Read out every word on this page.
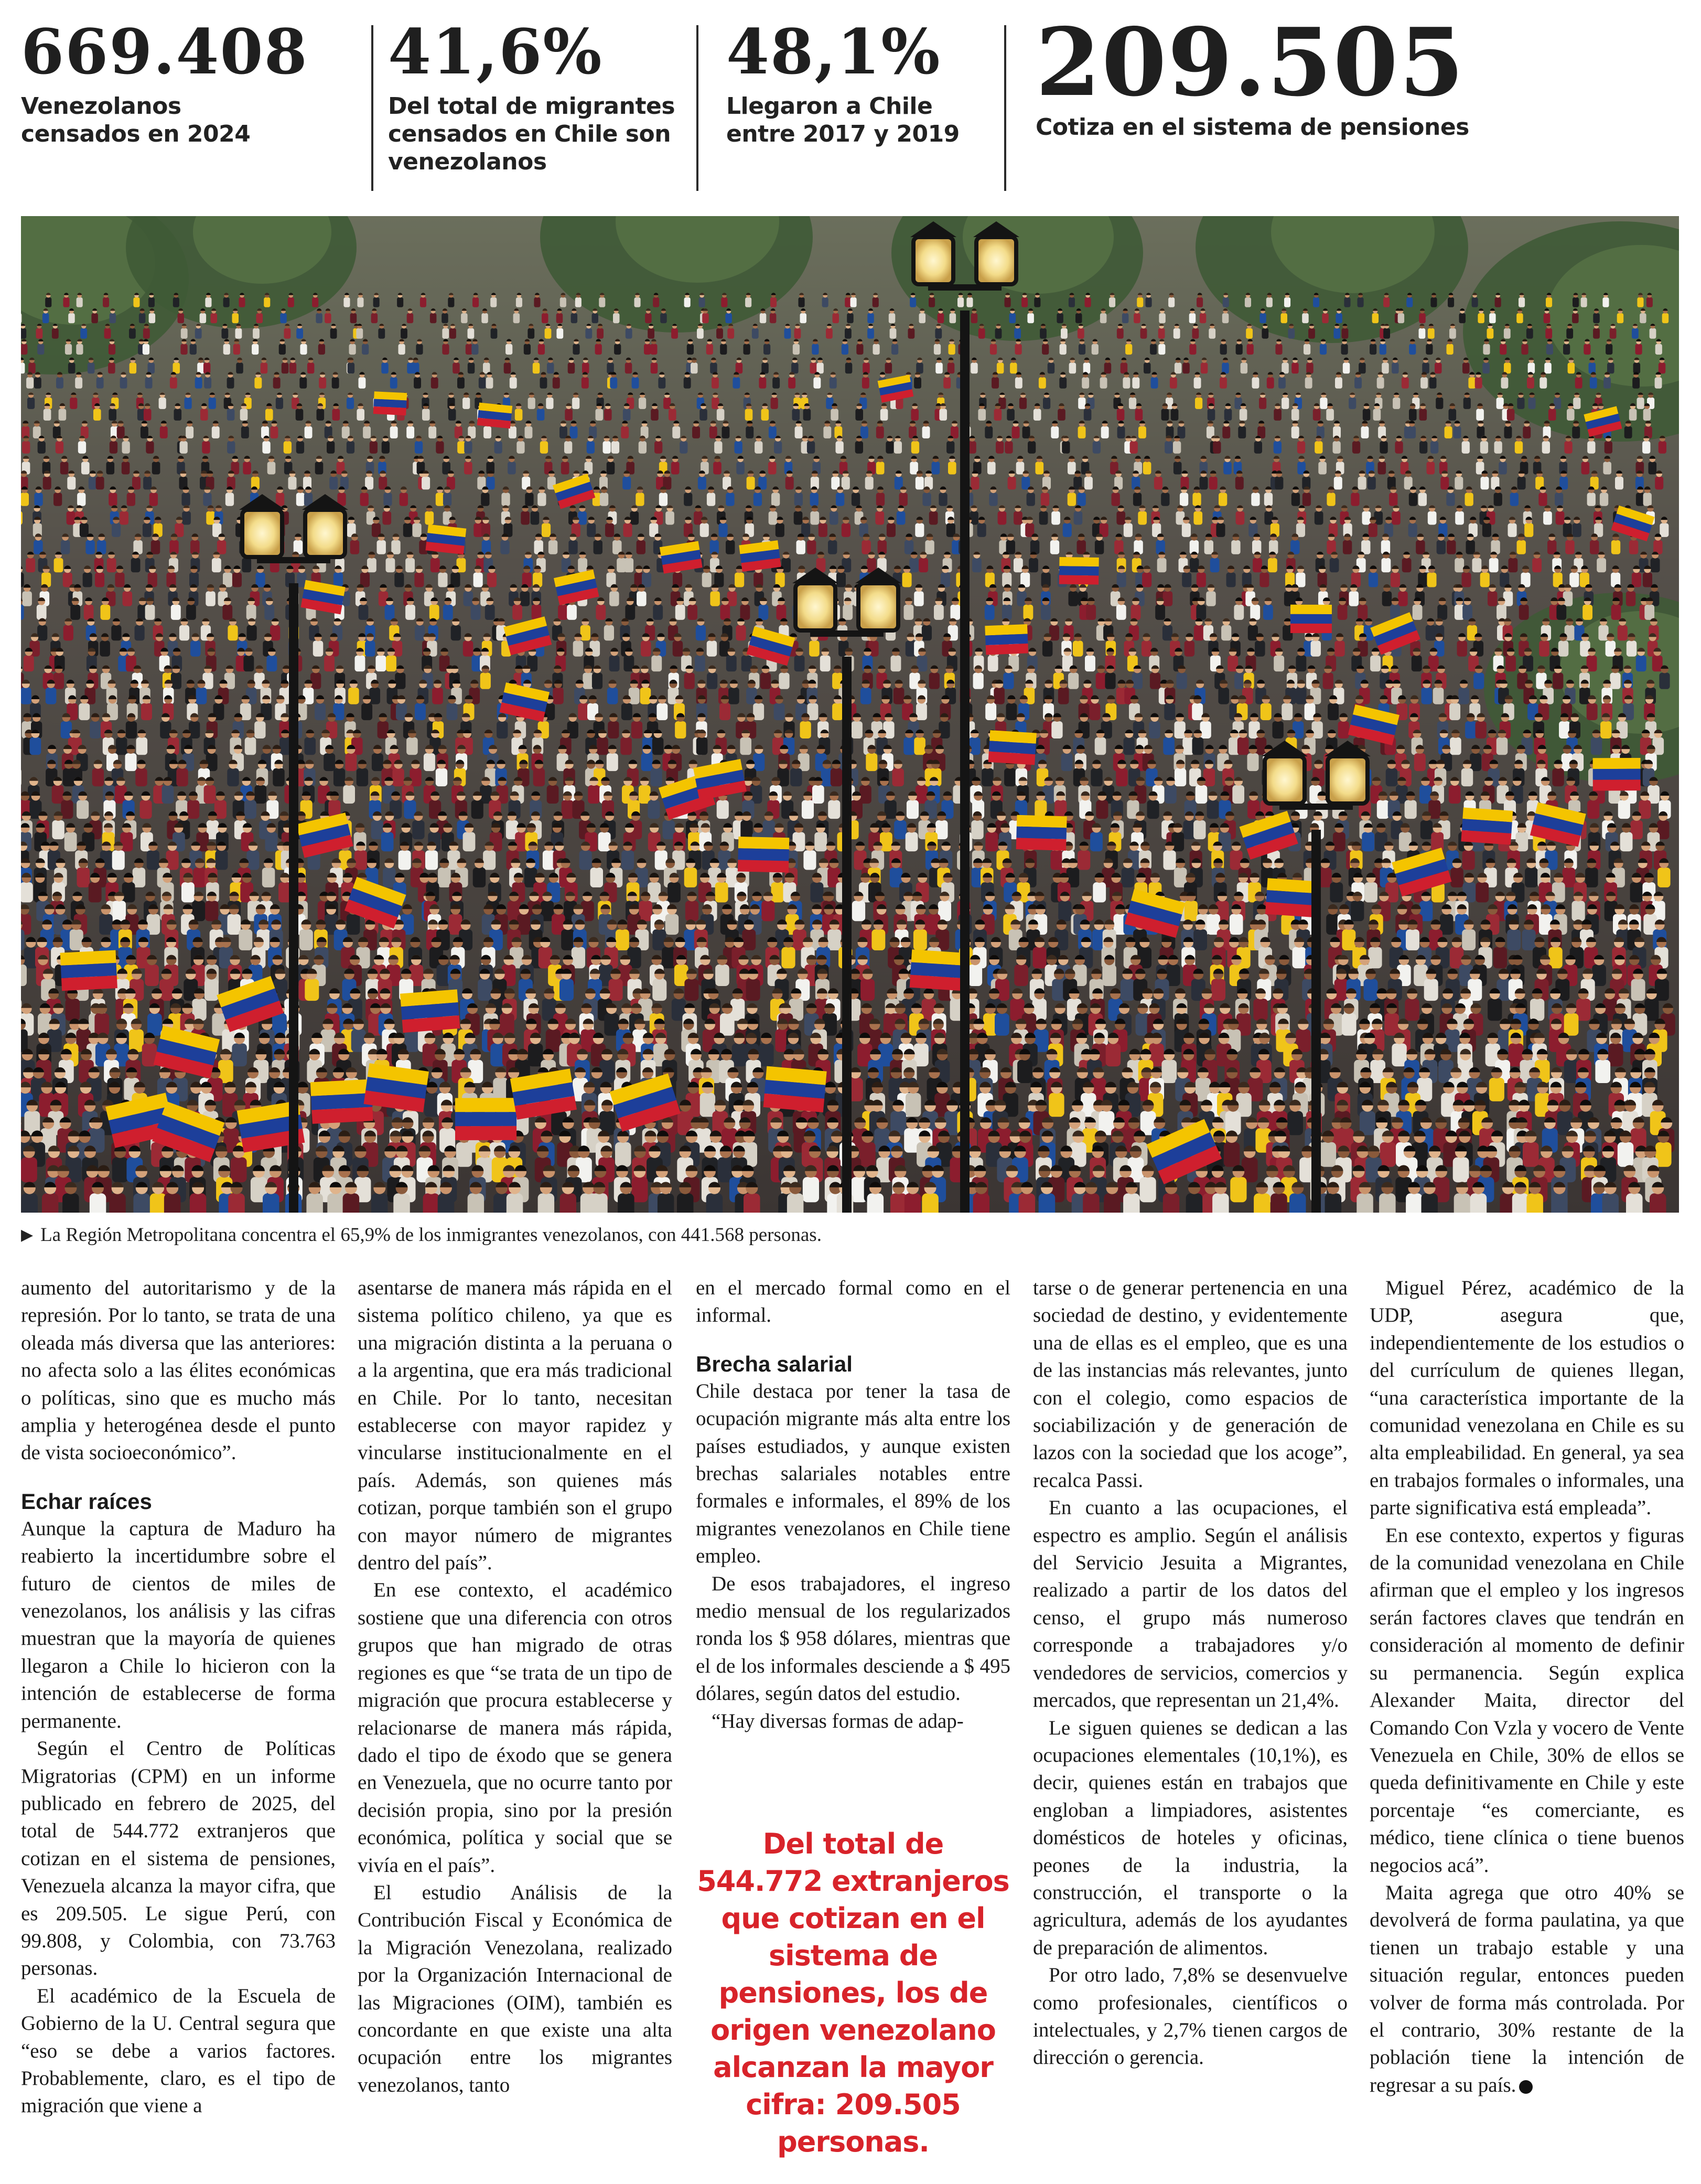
669.408
Venezolanos
censados en 2024
41,6%
Del total de migrantes
censados en Chile son
venezolanos
48,1%
Llegaron a Chile
entre 2017 y 2019
209.505
Cotiza en el sistema de pensiones
▶ La Región Metropolitana concentra el 65,9% de los inmigrantes venezolanos, con 441.568 personas.

aumento del autoritarismo y de la represión. Por lo tanto, se trata de una oleada más diversa que las anteriores: no afecta solo a las élites económicas o políticas, sino que es mucho más amplia y heterogénea desde el punto de vista socioeconómico”.

Echar raíces

Aunque la captura de Maduro ha reabierto la incertidumbre sobre el futuro de cientos de miles de venezolanos, los análisis y las cifras muestran que la mayoría de quienes llegaron a Chile lo hicieron con la intención de establecerse de forma permanente.

Según el Centro de Políticas Migratorias (CPM) en un informe publicado en febrero de 2025, del total de 544.772 extranjeros que cotizan en el sistema de pensiones, Venezuela alcanza la mayor cifra, que es 209.505. Le sigue Perú, con 99.808, y Colombia, con 73.763 personas.

El académico de la Escuela de Gobierno de la U. Central segura que “eso se debe a varios factores. Probablemente, claro, es el tipo de migración que viene a

asentarse de manera más rápida en el sistema político chileno, ya que es una migración distinta a la peruana o a la argentina, que era más tradicional en Chile. Por lo tanto, necesitan establecerse con mayor rapidez y vincularse institucionalmente en el país. Además, son quienes más cotizan, porque también son el grupo con mayor número de migrantes dentro del país”.

En ese contexto, el académico sostiene que una diferencia con otros grupos que han migrado de otras regiones es que “se trata de un tipo de migración que procura establecerse y relacionarse de manera más rápida, dado el tipo de éxodo que se genera en Venezuela, que no ocurre tanto por decisión propia, sino por la presión económica, política y social que se vivía en el país”.

El estudio Análisis de la Contribución Fiscal y Económica de la Migración Venezolana, realizado por la Organización Internacional de las Migraciones (OIM), también es concordante en que existe una alta ocupación entre los migrantes venezolanos, tanto

en el mercado formal como en el informal.

Brecha salarial

Chile destaca por tener la tasa de ocupación migrante más alta entre los países estudiados, y aunque existen brechas salariales notables entre formales e informales, el 89% de los migrantes venezolanos en Chile tiene empleo.

De esos trabajadores, el ingreso medio mensual de los regularizados ronda los $ 958 dólares, mientras que el de los informales desciende a $ 495 dólares, según datos del estudio.

“Hay diversas formas de adap-

Del total de 544.772 extranjeros que cotizan en el sistema de pensiones, los de origen venezolano alcanzan la mayor cifra: 209.505 personas.

tarse o de generar pertenencia en una sociedad de destino, y evidentemente una de ellas es el empleo, que es una de las instancias más relevantes, junto con el colegio, como espacios de sociabilización y de generación de lazos con la sociedad que los acoge”, recalca Passi.

En cuanto a las ocupaciones, el espectro es amplio. Según el análisis del Servicio Jesuita a Migrantes, realizado a partir de los datos del censo, el grupo más numeroso corresponde a trabajadores y/o vendedores de servicios, comercios y mercados, que representan un 21,4%.

Le siguen quienes se dedican a las ocupaciones elementales (10,1%), es decir, quienes están en trabajos que engloban a limpiadores, asistentes domésticos de hoteles y oficinas, peones de la industria, la construcción, el transporte o la agricultura, además de los ayudantes de preparación de alimentos.

Por otro lado, 7,8% se desenvuelve como profesionales, científicos o intelectuales, y 2,7% tienen cargos de dirección o gerencia.

Miguel Pérez, académico de la UDP, asegura que, independientemente de los estudios o del currículum de quienes llegan, “una característica importante de la comunidad venezolana en Chile es su alta empleabilidad. En general, ya sea en trabajos formales o informales, una parte significativa está empleada”.

En ese contexto, expertos y figuras de la comunidad venezolana en Chile afirman que el empleo y los ingresos serán factores claves que tendrán en consideración al momento de definir su permanencia. Según explica Alexander Maita, director del Comando Con Vzla y vocero de Vente Venezuela en Chile, 30% de ellos se queda definitivamente en Chile y este porcentaje “es comerciante, es médico, tiene clínica o tiene buenos negocios acá”.

Maita agrega que otro 40% se devolverá de forma paulatina, ya que tienen un trabajo estable y una situación regular, entonces pueden volver de forma más controlada. Por el contrario, 30% restante de la población tiene la intención de regresar a su país.
